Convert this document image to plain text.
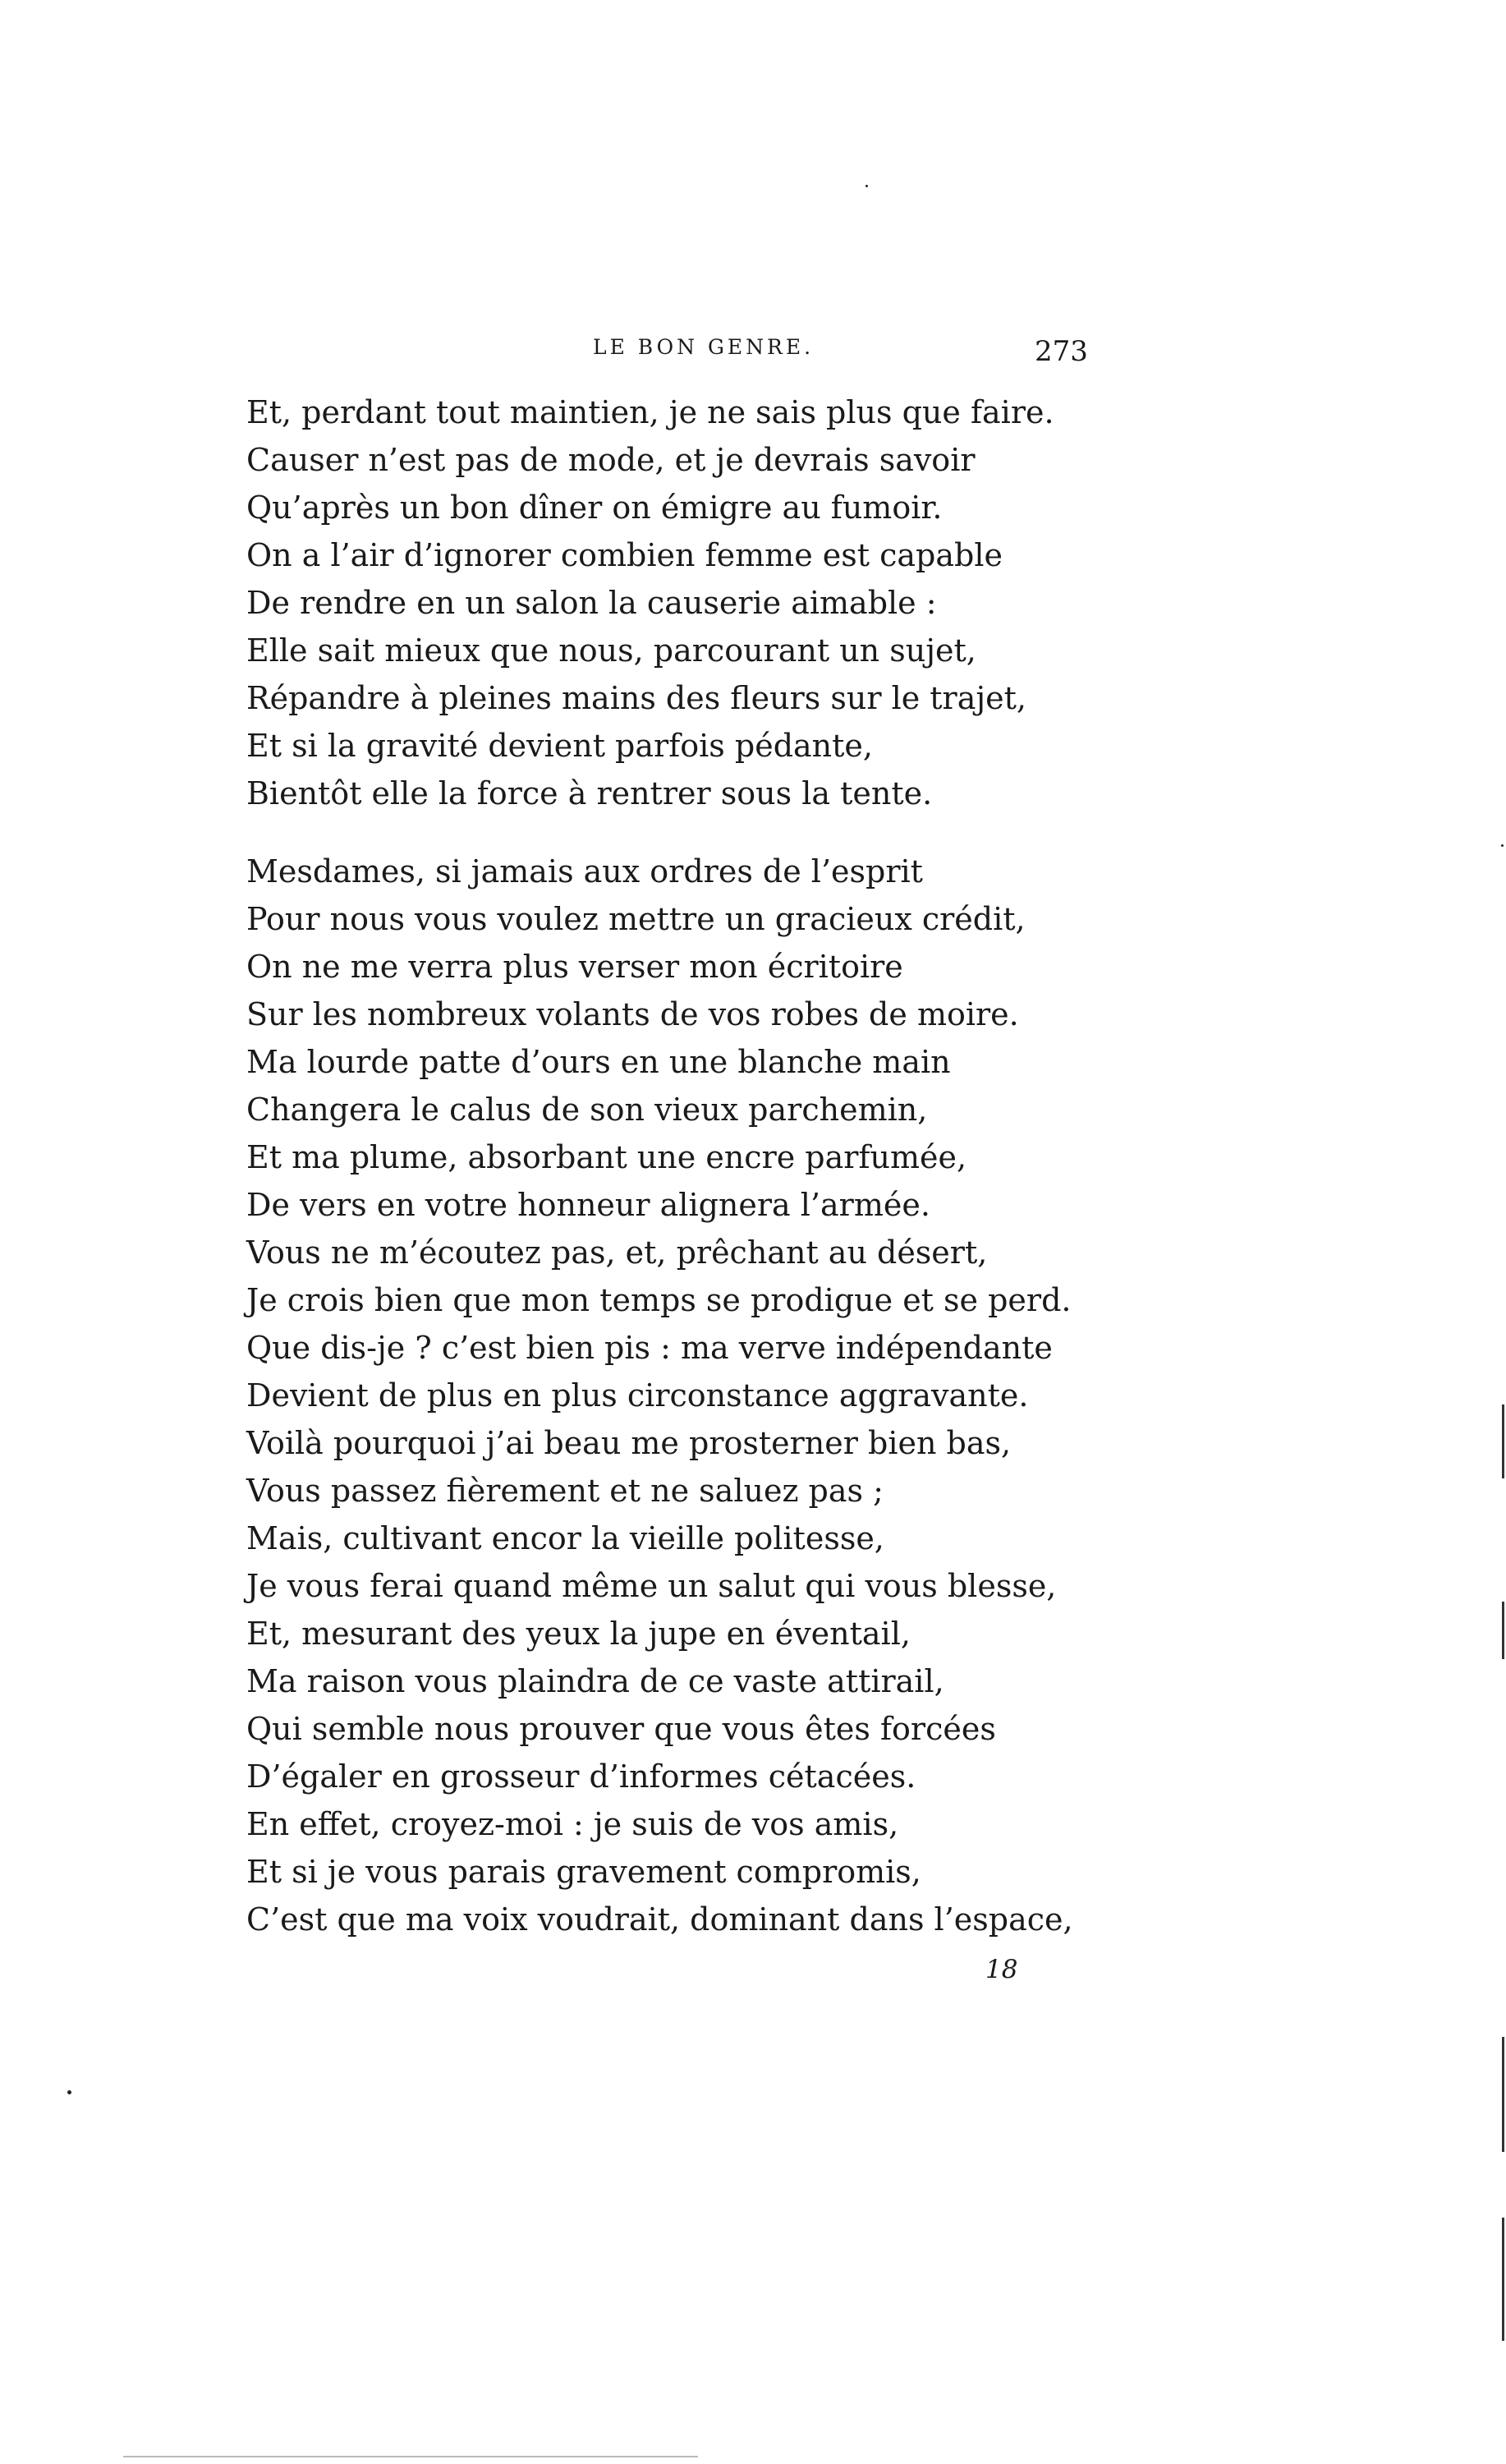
LE BON GENRE.	273
Et, perdant tout maintien, je ne sais plus que faire.
Causer n’est pas de mode, et je devrais savoir
Qu’après un bon dîner on émigre au fumoir.
On a l’air d’ignorer combien femme est capable
De rendre en un salon la causerie aimable :
Elle sait mieux que nous, parcourant un sujet,
Répandre à pleines mains des fleurs sur le trajet,
Et si la gravité devient parfois pédante,
Bientôt elle la force à rentrer sous la tente.
Mesdames, si jamais aux ordres de l’esprit
Pour nous vous voulez mettre un gracieux crédit,
On ne me verra plus verser mon écritoire
Sur les nombreux volants de vos robes de moire.
Ma lourde patte d’ours en une blanche main
Changera le calus de son vieux parchemin,
Et ma plume, absorbant une encre parfumée,
De vers en votre honneur alignera l’armée.
Vous ne m’écoutez pas, et, prêchant au désert,
Je crois bien que mon temps se prodigue et se perd.
Que dis-je ? c’est bien pis : ma verve indépendante
Devient de plus en plus circonstance aggravante.
Voilà pourquoi j’ai beau me prosterner bien bas,
Vous passez fièrement et ne saluez pas ;
Mais, cultivant encor la vieille politesse,
Je vous ferai quand même un salut qui vous blesse,
Et, mesurant des yeux la jupe en éventail,
Ma raison vous plaindra de ce vaste attirail,
Qui semble nous prouver que vous êtes forcées
D’égaler en grosseur d’informes cétacées.
En effet, croyez-moi : je suis de vos amis,
Et si je vous parais gravement compromis,
C’est que ma voix voudrait, dominant dans l’espace,
18
